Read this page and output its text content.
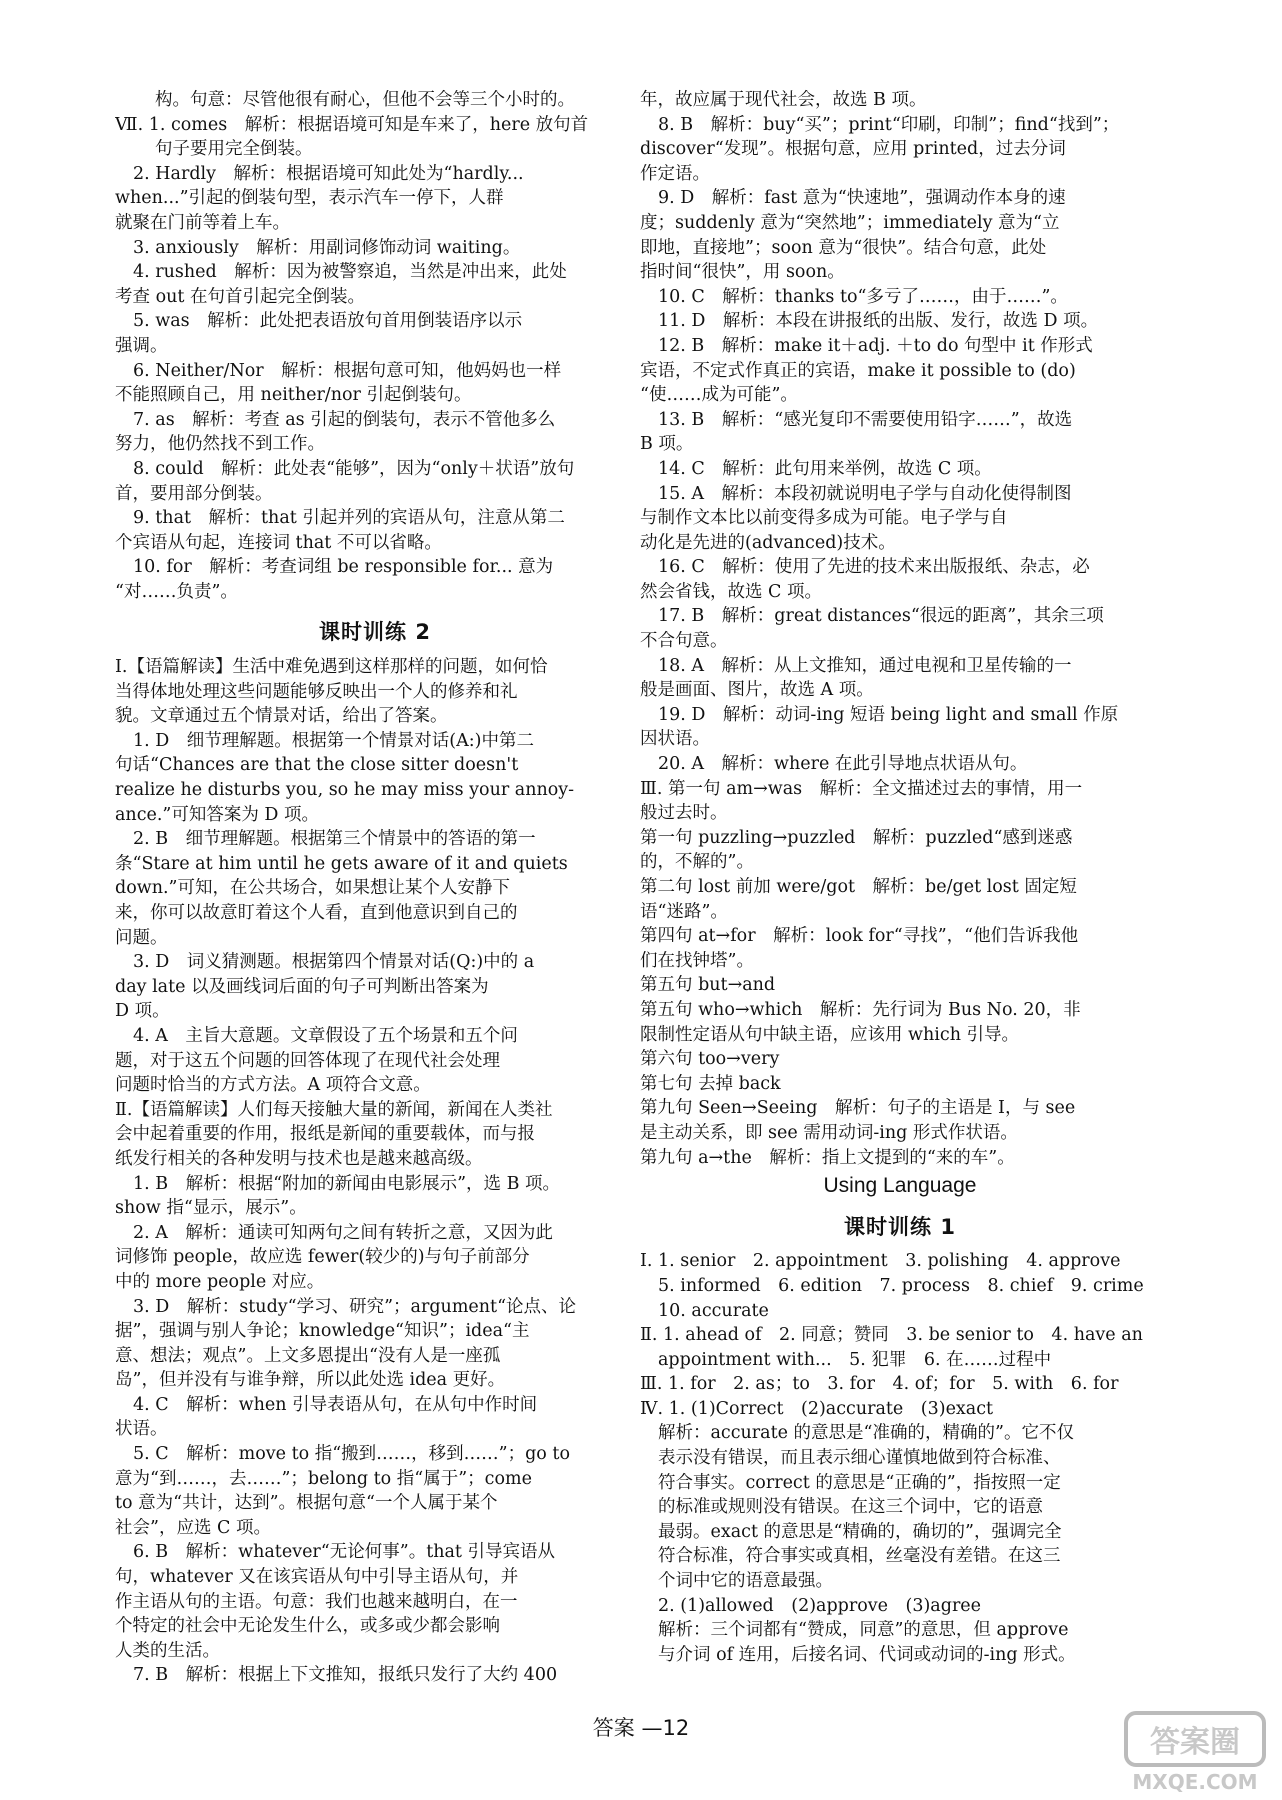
构。句意：尽管他很有耐心，但他不会等三个小时的。
Ⅶ. 1. comes　解析：根据语境可知是车来了，here 放句首
句子要用完全倒装。
2. Hardly　解析：根据语境可知此处为“hardly...
when...”引起的倒装句型，表示汽车一停下，人群
就聚在门前等着上车。
3. anxiously　解析：用副词修饰动词 waiting。
4. rushed　解析：因为被警察追，当然是冲出来，此处
考查 out 在句首引起完全倒装。
5. was　解析：此处把表语放句首用倒装语序以示
强调。
6. Neither/Nor　解析：根据句意可知，他妈妈也一样
不能照顾自己，用 neither/nor 引起倒装句。
7. as　解析：考查 as 引起的倒装句，表示不管他多么
努力，他仍然找不到工作。
8. could　解析：此处表“能够”，因为“only＋状语”放句
首，要用部分倒装。
9. that　解析：that 引起并列的宾语从句，注意从第二
个宾语从句起，连接词 that 不可以省略。
10. for　解析：考查词组 be responsible for... 意为
“对……负责”。
课时训练 2
Ⅰ.【语篇解读】生活中难免遇到这样那样的问题，如何恰
当得体地处理这些问题能够反映出一个人的修养和礼
貌。文章通过五个情景对话，给出了答案。
1. D　细节理解题。根据第一个情景对话(A:)中第二
句话“Chances are that the close sitter doesn't
realize he disturbs you, so he may miss your annoy-
ance.”可知答案为 D 项。
2. B　细节理解题。根据第三个情景中的答语的第一
条“Stare at him until he gets aware of it and quiets
down.”可知，在公共场合，如果想让某个人安静下
来，你可以故意盯着这个人看，直到他意识到自己的
问题。
3. D　词义猜测题。根据第四个情景对话(Q:)中的 a
day late 以及画线词后面的句子可判断出答案为
D 项。
4. A　主旨大意题。文章假设了五个场景和五个问
题，对于这五个问题的回答体现了在现代社会处理
问题时恰当的方式方法。A 项符合文意。
Ⅱ.【语篇解读】人们每天接触大量的新闻，新闻在人类社
会中起着重要的作用，报纸是新闻的重要载体，而与报
纸发行相关的各种发明与技术也是越来越高级。
1. B　解析：根据“附加的新闻由电影展示”，选 B 项。
show 指“显示，展示”。
2. A　解析：通读可知两句之间有转折之意，又因为此
词修饰 people，故应选 fewer(较少的)与句子前部分
中的 more people 对应。
3. D　解析：study“学习、研究”；argument“论点、论
据”，强调与别人争论；knowledge“知识”；idea“主
意、想法；观点”。上文多恩提出“没有人是一座孤
岛”，但并没有与谁争辩，所以此处选 idea 更好。
4. C　解析：when 引导表语从句，在从句中作时间
状语。
5. C　解析：move to 指“搬到……，移到……”；go to
意为“到……，去……”；belong to 指“属于”；come
to 意为“共计，达到”。根据句意“一个人属于某个
社会”，应选 C 项。
6. B　解析：whatever“无论何事”。that 引导宾语从
句，whatever 又在该宾语从句中引导主语从句，并
作主语从句的主语。句意：我们也越来越明白，在一
个特定的社会中无论发生什么，或多或少都会影响
人类的生活。
7. B　解析：根据上下文推知，报纸只发行了大约 400
年，故应属于现代社会，故选 B 项。
8. B　解析：buy“买”；print“印刷，印制”；find“找到”；
discover“发现”。根据句意，应用 printed，过去分词
作定语。
9. D　解析：fast 意为“快速地”，强调动作本身的速
度；suddenly 意为“突然地”；immediately 意为“立
即地，直接地”；soon 意为“很快”。结合句意，此处
指时间“很快”，用 soon。
10. C　解析：thanks to“多亏了……，由于……”。
11. D　解析：本段在讲报纸的出版、发行，故选 D 项。
12. B　解析：make it＋adj. ＋to do 句型中 it 作形式
宾语，不定式作真正的宾语，make it possible to (do)
“使……成为可能”。
13. B　解析：“感光复印不需要使用铅字……”，故选
B 项。
14. C　解析：此句用来举例，故选 C 项。
15. A　解析：本段初就说明电子学与自动化使得制图
与制作文本比以前变得多成为可能。电子学与自
动化是先进的(advanced)技术。
16. C　解析：使用了先进的技术来出版报纸、杂志，必
然会省钱，故选 C 项。
17. B　解析：great distances“很远的距离”，其余三项
不合句意。
18. A　解析：从上文推知，通过电视和卫星传输的一
般是画面、图片，故选 A 项。
19. D　解析：动词-ing 短语 being light and small 作原
因状语。
20. A　解析：where 在此引导地点状语从句。
Ⅲ. 第一句 am→was　解析：全文描述过去的事情，用一
般过去时。
第一句 puzzling→puzzled　解析：puzzled“感到迷惑
的，不解的”。
第二句 lost 前加 were/got　解析：be/get lost 固定短
语“迷路”。
第四句 at→for　解析：look for“寻找”，“他们告诉我他
们在找钟塔”。
第五句 but→and
第五句 who→which　解析：先行词为 Bus No. 20，非
限制性定语从句中缺主语，应该用 which 引导。
第六句 too→very
第七句 去掉 back
第九句 Seen→Seeing　解析：句子的主语是 I，与 see
是主动关系，即 see 需用动词-ing 形式作状语。
第九句 a→the　解析：指上文提到的“来的车”。
Using Language
课时训练 1
Ⅰ. 1. senior　2. appointment　3. polishing　4. approve
5. informed　6. edition　7. process　8. chief　9. crime
10. accurate
Ⅱ. 1. ahead of　2. 同意；赞同　3. be senior to　4. have an
appointment with...　5. 犯罪　6. 在……过程中
Ⅲ. 1. for　2. as；to　3. for　4. of；for　5. with　6. for
Ⅳ. 1. (1)Correct　(2)accurate　(3)exact
解析：accurate 的意思是“准确的，精确的”。它不仅
表示没有错误，而且表示细心谨慎地做到符合标准、
符合事实。correct 的意思是“正确的”，指按照一定
的标准或规则没有错误。在这三个词中，它的语意
最弱。exact 的意思是“精确的，确切的”，强调完全
符合标准，符合事实或真相，丝毫没有差错。在这三
个词中它的语意最强。
2. (1)allowed　(2)approve　(3)agree
解析：三个词都有“赞成，同意”的意思，但 approve
与介词 of 连用，后接名词、代词或动词的-ing 形式。
答案 —12	答案圈
MXQE.COM
